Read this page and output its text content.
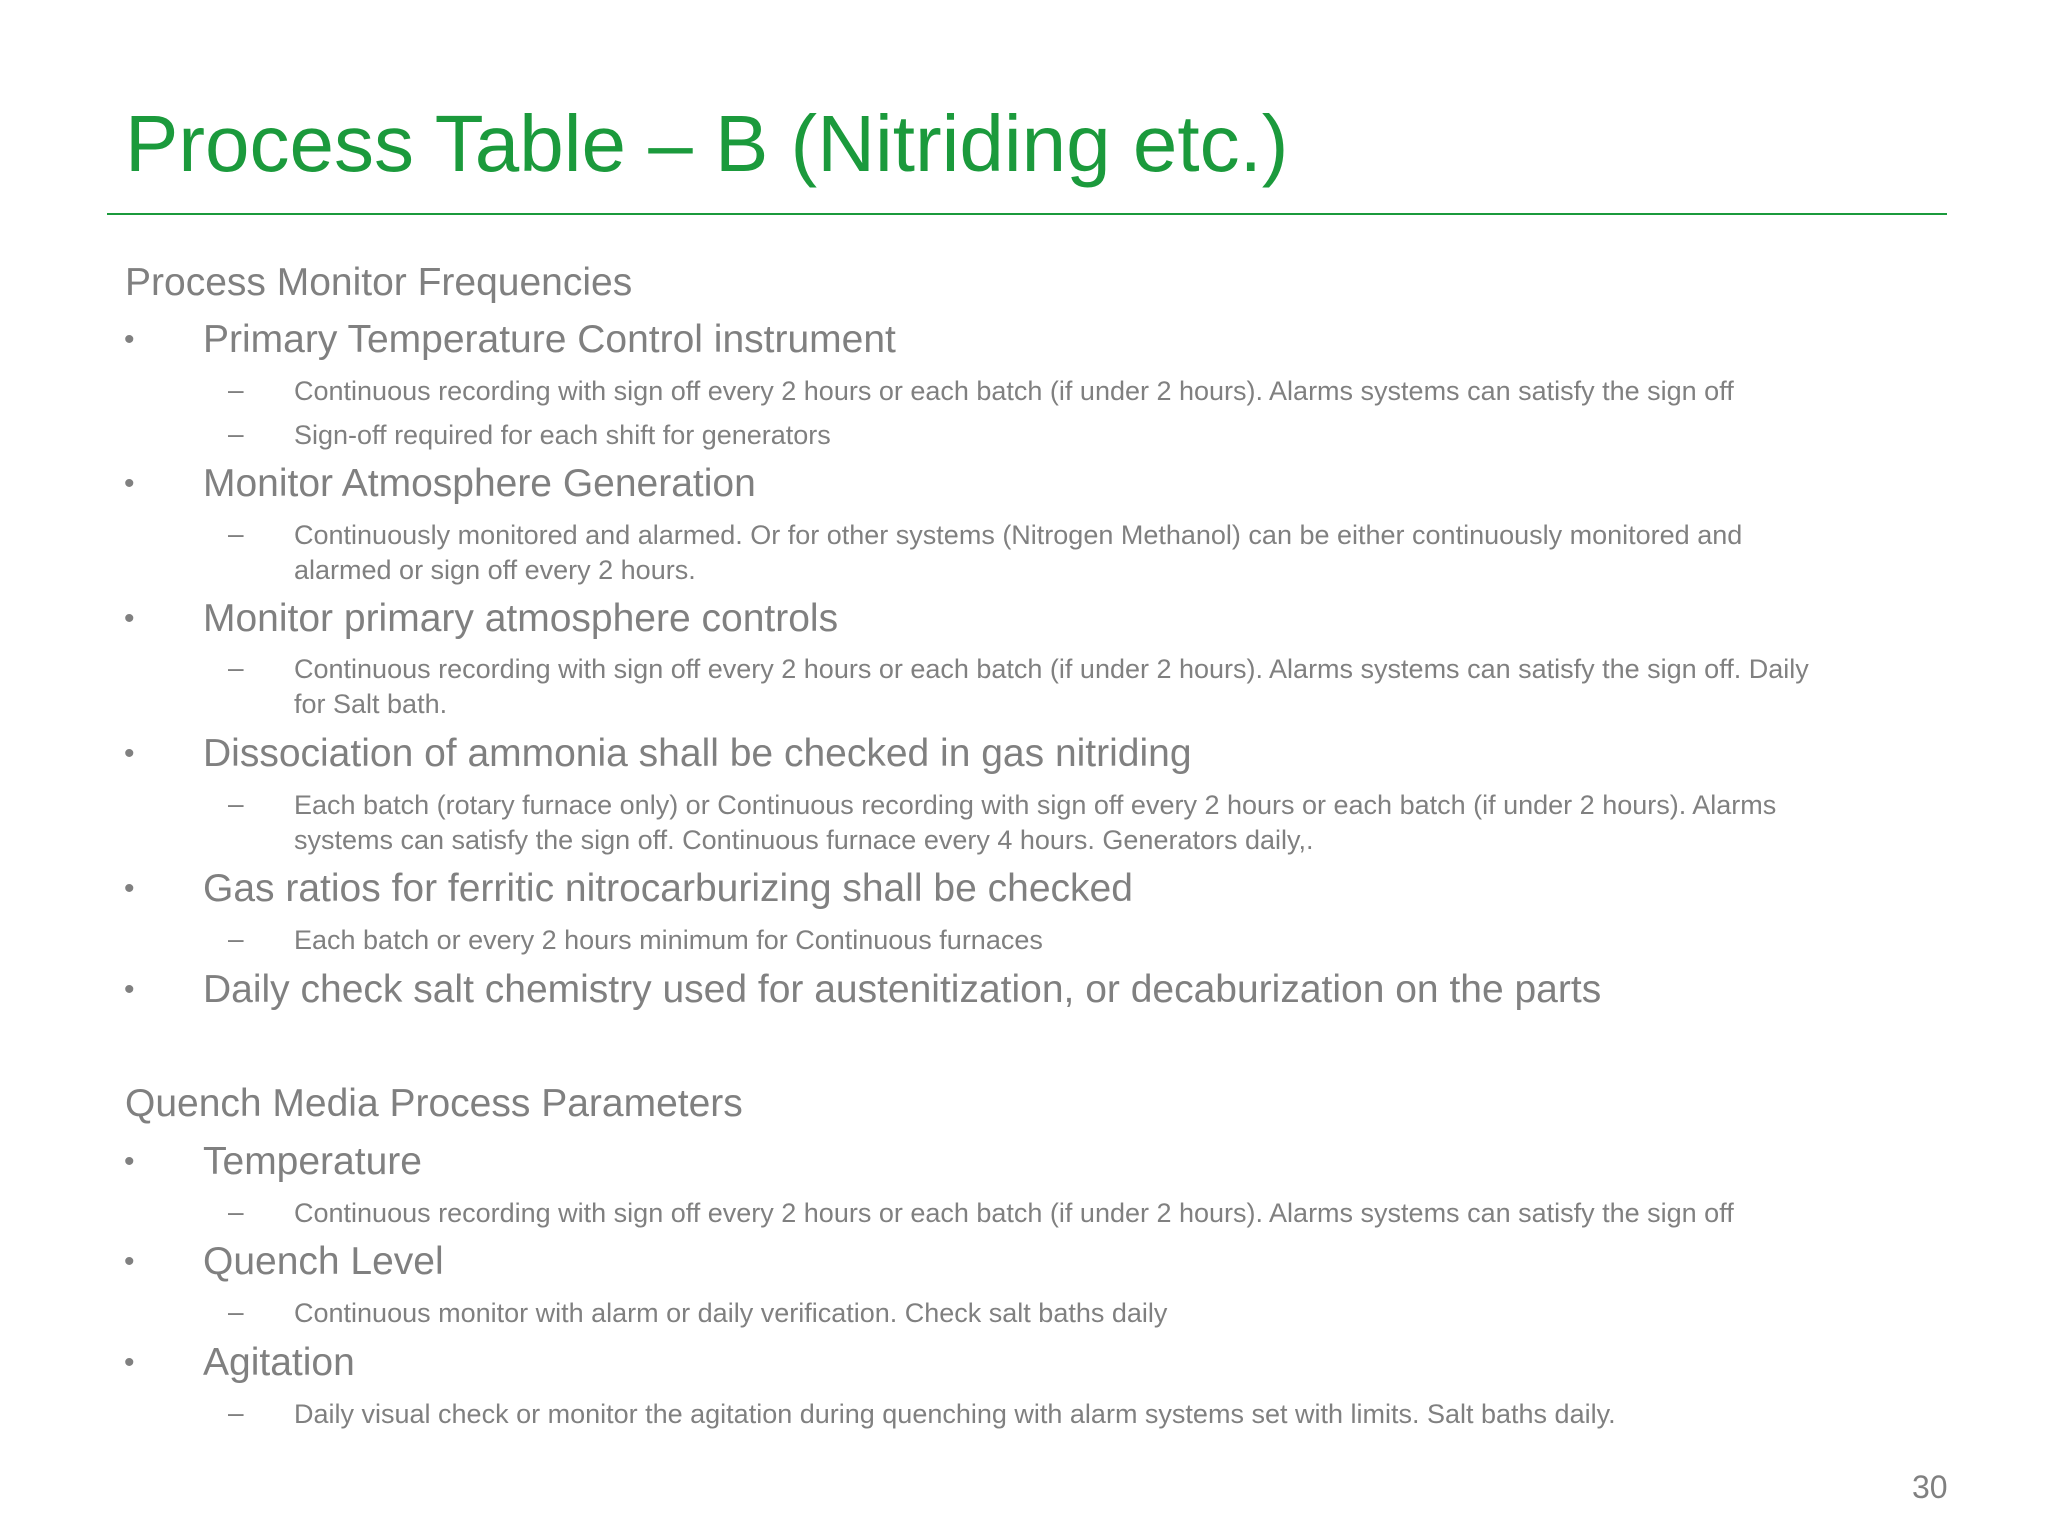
Process Table – B (Nitriding etc.)
Process Monitor Frequencies
• Primary Temperature Control instrument
– Continuous recording with sign off every 2 hours or each batch (if under 2 hours). Alarms systems can satisfy the sign off
– Sign-off required for each shift for generators
• Monitor Atmosphere Generation
– Continuously monitored and alarmed. Or for other systems (Nitrogen Methanol) can be either continuously monitored and
alarmed or sign off every 2 hours.
• Monitor primary atmosphere controls
– Continuous recording with sign off every 2 hours or each batch (if under 2 hours). Alarms systems can satisfy the sign off. Daily
for Salt bath.
• Dissociation of ammonia shall be checked in gas nitriding
– Each batch (rotary furnace only) or Continuous recording with sign off every 2 hours or each batch (if under 2 hours). Alarms
systems can satisfy the sign off. Continuous furnace every 4 hours. Generators daily,.
• Gas ratios for ferritic nitrocarburizing shall be checked
– Each batch or every 2 hours minimum for Continuous furnaces
• Daily check salt chemistry used for austenitization, or decaburization on the parts
Quench Media Process Parameters
• Temperature
– Continuous recording with sign off every 2 hours or each batch (if under 2 hours). Alarms systems can satisfy the sign off
• Quench Level
– Continuous monitor with alarm or daily verification. Check salt baths daily
• Agitation
– Daily visual check or monitor the agitation during quenching with alarm systems set with limits. Salt baths daily.
30
